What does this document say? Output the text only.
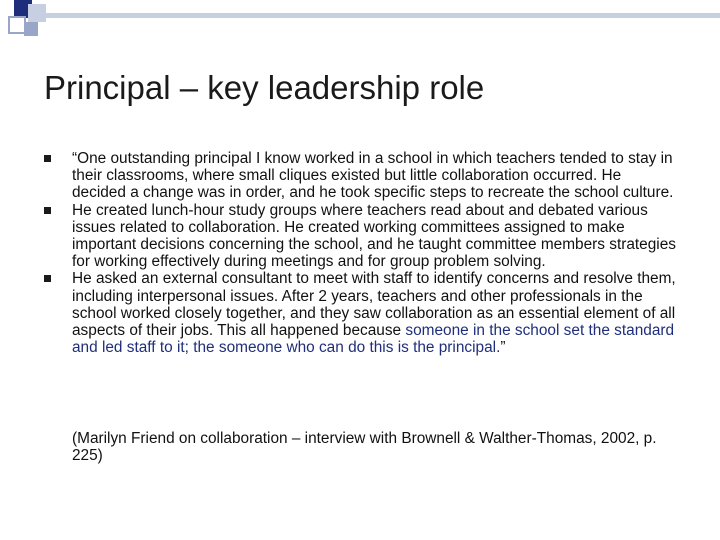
Principal – key leadership role
“One outstanding principal I know worked in a school in which teachers tended to stay in their classrooms, where small cliques existed but little collaboration occurred. He decided a change was in order, and he took specific steps to recreate the school culture.
He created lunch-hour study groups where teachers read about and debated various issues related to collaboration. He created working committees assigned to make important decisions concerning the school, and he taught committee members strategies for working effectively during meetings and for group problem solving.
He asked an external consultant to meet with staff to identify concerns and resolve them, including interpersonal issues. After 2 years, teachers and other professionals in the school worked closely together, and they saw collaboration as an essential element of all aspects of their jobs. This all happened because someone in the school set the standard and led staff to it; the someone who can do this is the principal.”
(Marilyn Friend on collaboration – interview with Brownell & Walther-Thomas, 2002, p. 225)
